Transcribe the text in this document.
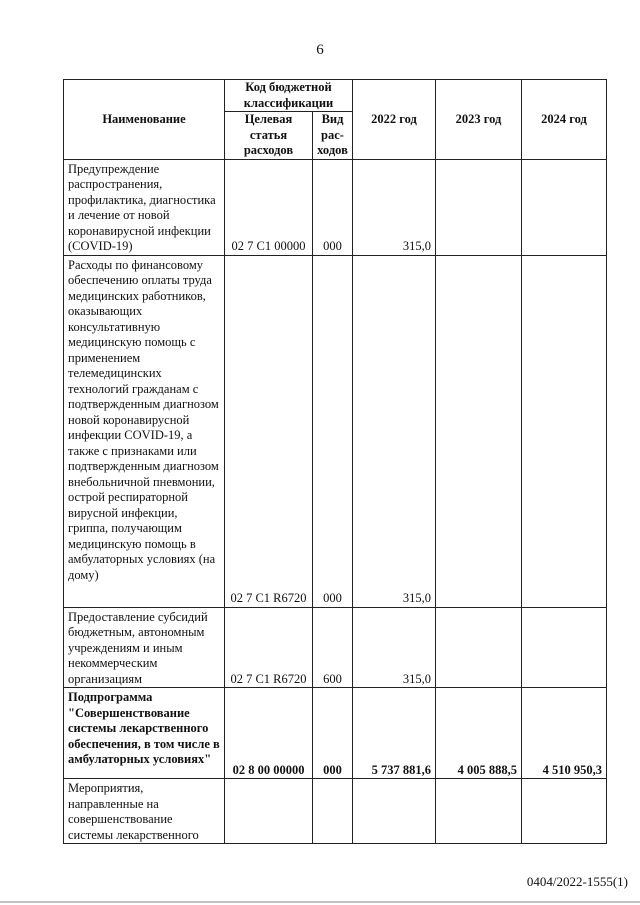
6
Наименование	Код бюджетной классификации		2022 год	2023 год	2024 год
	Целевая статья расходов	Вид рас-ходов			
Предупреждение распространения, профилактика, диагностика и лечение от новой коронавирусной инфекции (COVID-19)	02 7 C1 00000	000	315,0		
Расходы по финансовому обеспечению оплаты труда медицинских работников, оказывающих консультативную медицинскую помощь с применением телемедицинских технологий гражданам с подтвержденным диагнозом новой коронавирусной инфекции COVID-19, а также с признаками или подтвержденным диагнозом внебольничной пневмонии, острой респираторной вирусной инфекции, гриппа, получающим медицинскую помощь в амбулаторных условиях (на дому)	02 7 C1 R6720	000	315,0		
Предоставление субсидий бюджетным, автономным учреждениям и иным некоммерческим организациям	02 7 C1 R6720	600	315,0		
Подпрограмма "Совершенствование системы лекарственного обеспечения, в том числе в амбулаторных условиях"	02 8 00 00000	000	5 737 881,6	4 005 888,5	4 510 950,3
Мероприятия, направленные на совершенствование системы лекарственного					
0404/2022-1555(1)
